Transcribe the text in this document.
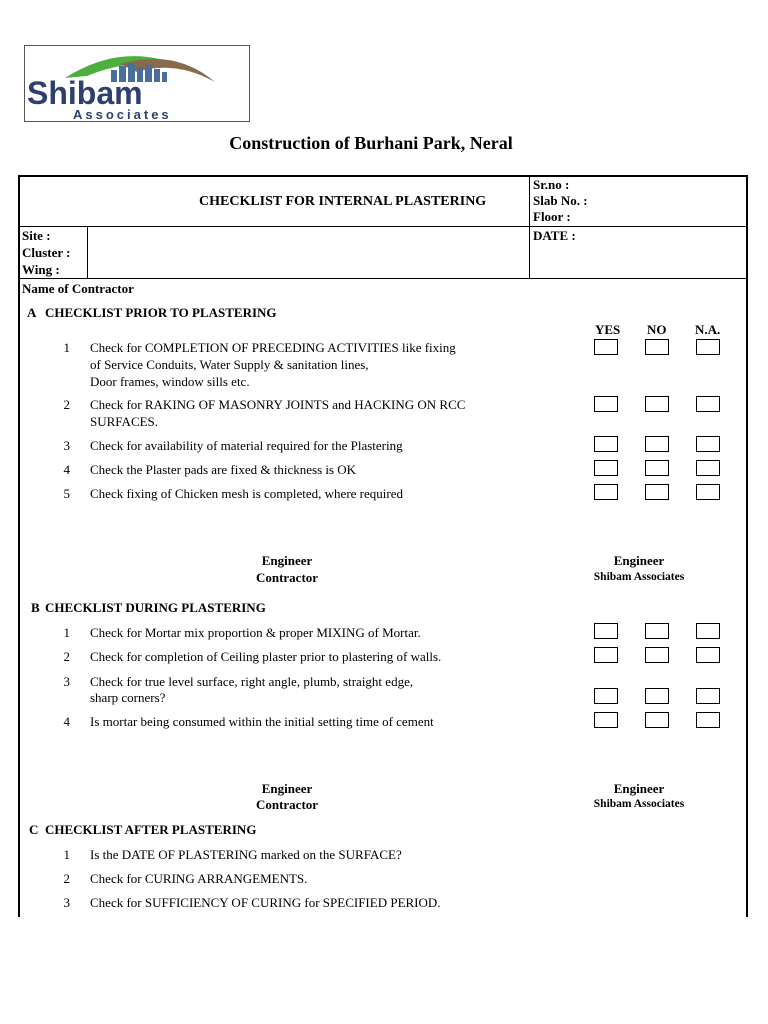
Shibam
Associates
Construction of Burhani Park, Neral
CHECKLIST FOR INTERNAL PLASTERING
Sr.no :
Slab No. :
Floor :
Site :
Cluster :
Wing :
DATE :
Name of Contractor
A CHECKLIST PRIOR TO PLASTERING
YES NO N.A.
1 Check for COMPLETION OF PRECEDING ACTIVITIES like fixing
of Service Conduits, Water Supply & sanitation lines,
Door frames, window sills etc.
2 Check for RAKING OF MASONRY JOINTS and HACKING ON RCC
SURFACES.
3 Check for availability of material required for the Plastering
4 Check the Plaster pads are fixed & thickness is OK
5 Check fixing of Chicken mesh is completed, where required
Engineer
Contractor
Engineer
Shibam Associates
B CHECKLIST DURING PLASTERING
1 Check for Mortar mix proportion & proper MIXING of Mortar.
2 Check for completion of Ceiling plaster prior to plastering of walls.
3 Check for true level surface, right angle, plumb, straight edge,
sharp corners?
4 Is mortar being consumed within the initial setting time of cement
Engineer
Contractor
Engineer
Shibam Associates
C CHECKLIST AFTER PLASTERING
1 Is the DATE OF PLASTERING marked on the SURFACE?
2 Check for CURING ARRANGEMENTS.
3 Check for SUFFICIENCY OF CURING for SPECIFIED PERIOD.
